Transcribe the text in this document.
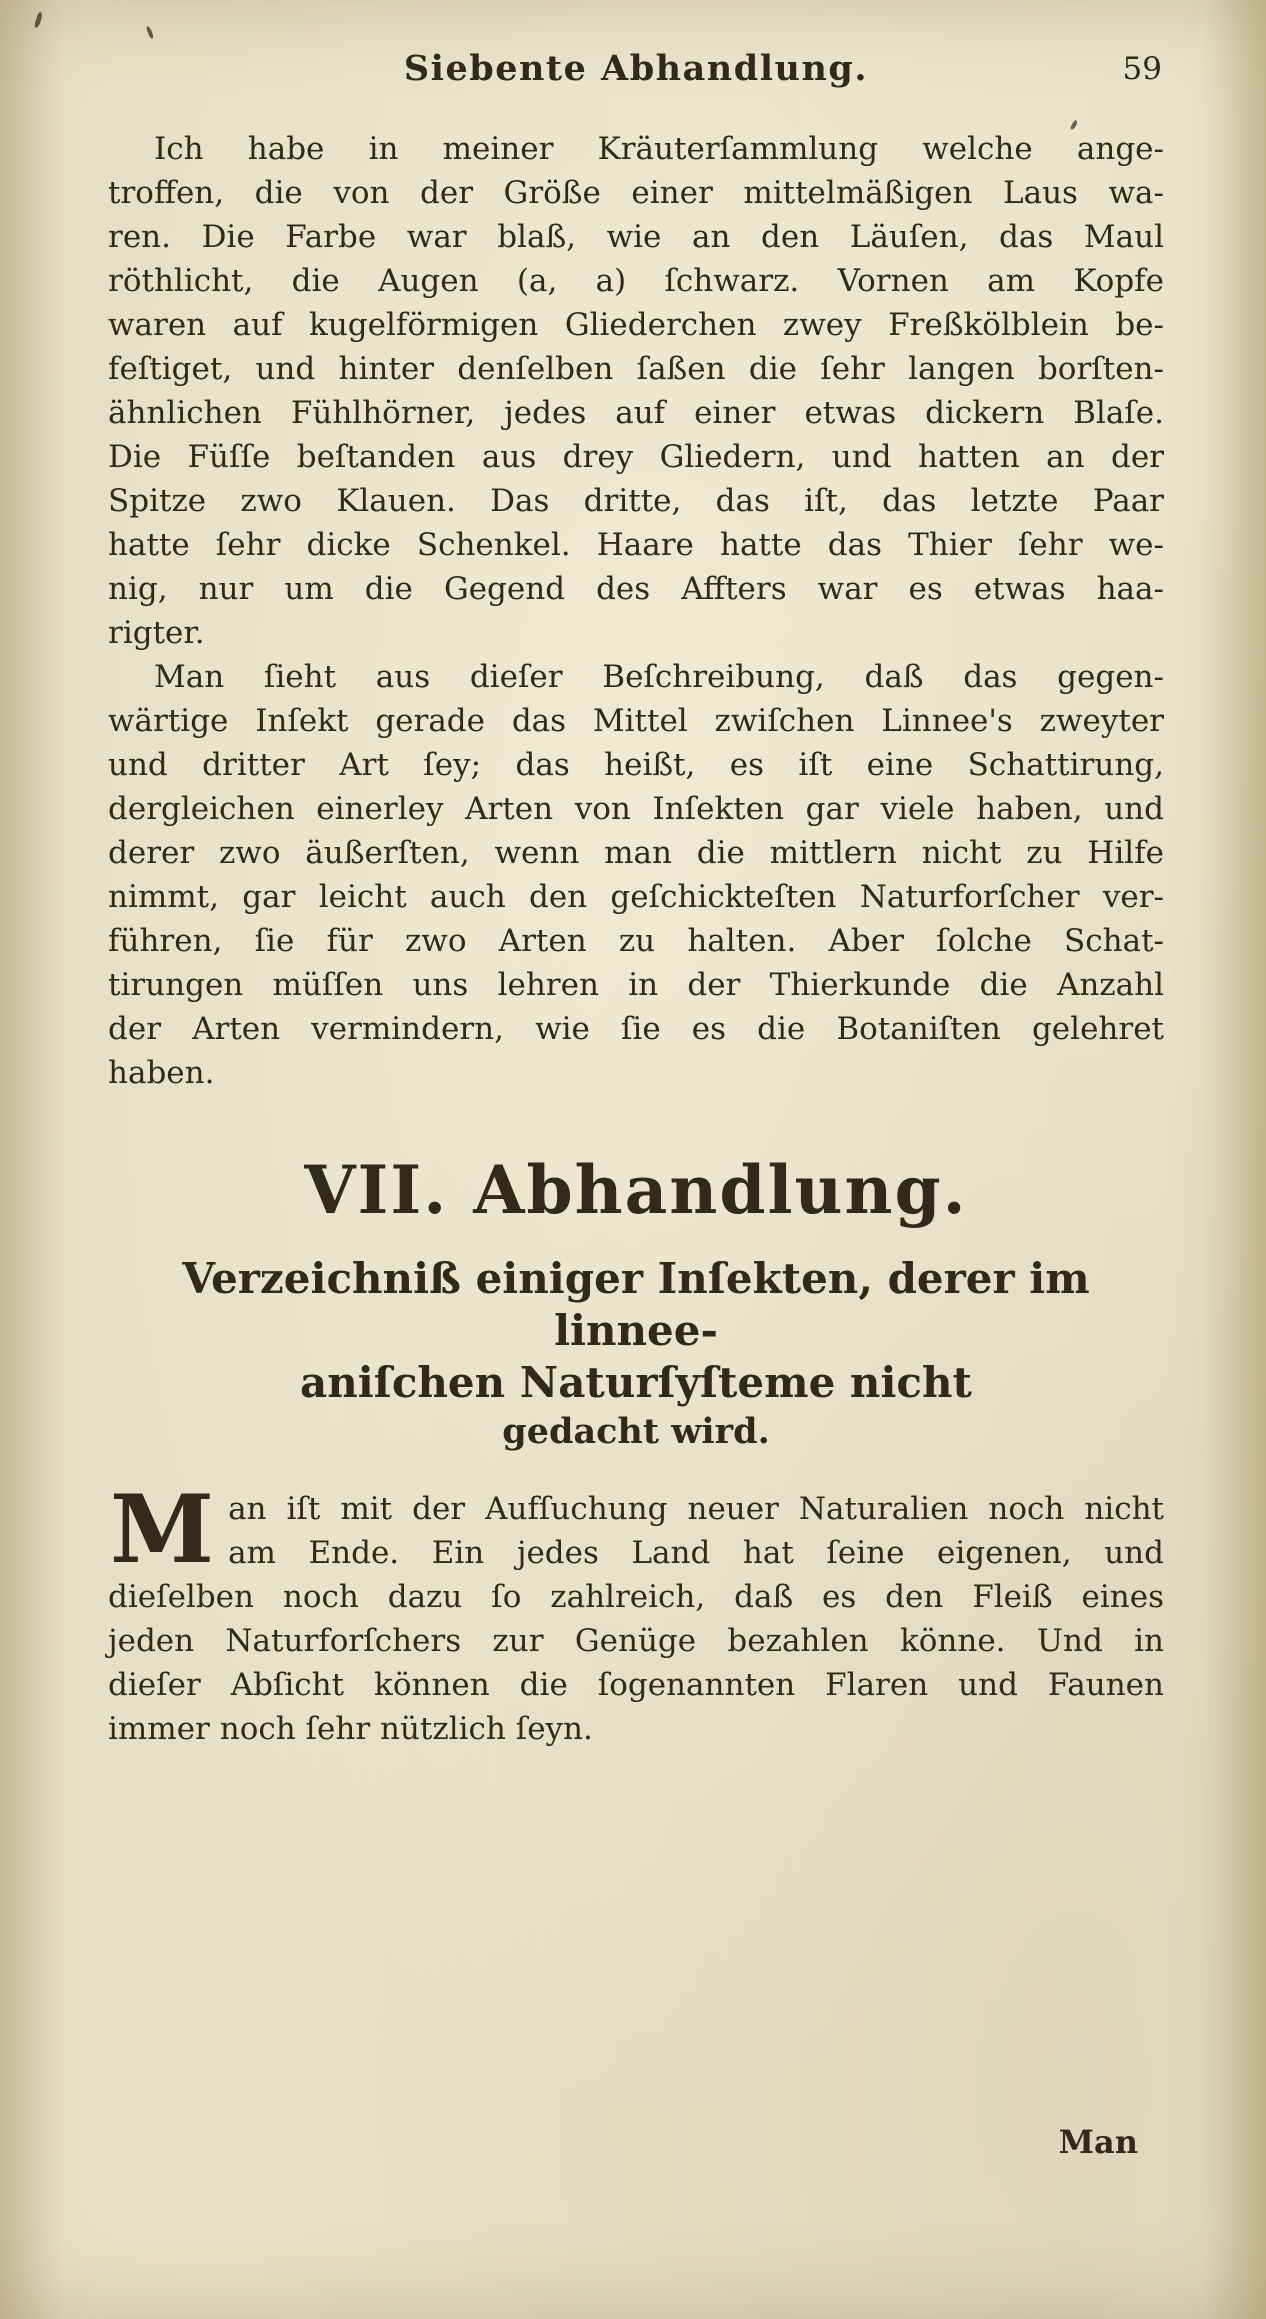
Siebente Abhandlung.	59
Ich habe in meiner Kräuterſammlung welche ange-
troffen, die von der Größe einer mittelmäßigen Laus wa-
ren. Die Farbe war blaß, wie an den Läuſen, das Maul
röthlicht, die Augen (a, a) ſchwarz. Vornen am Kopfe
waren auf kugelförmigen Gliederchen zwey Freßkölblein be-
feſtiget, und hinter denſelben ſaßen die ſehr langen borſten-
ähnlichen Fühlhörner, jedes auf einer etwas dickern Blaſe.
Die Füſſe beſtanden aus drey Gliedern, und hatten an der
Spitze zwo Klauen. Das dritte, das iſt, das letzte Paar
hatte ſehr dicke Schenkel. Haare hatte das Thier ſehr we-
nig, nur um die Gegend des Affters war es etwas haa-
rigter.
Man ſieht aus dieſer Beſchreibung, daß das gegen-
wärtige Inſekt gerade das Mittel zwiſchen Linnee's zweyter
und dritter Art ſey; das heißt, es iſt eine Schattirung,
dergleichen einerley Arten von Inſekten gar viele haben, und
derer zwo äußerſten, wenn man die mittlern nicht zu Hilfe
nimmt, gar leicht auch den geſchickteſten Naturforſcher ver-
führen, ſie für zwo Arten zu halten. Aber ſolche Schat-
tirungen müſſen uns lehren in der Thierkunde die Anzahl
der Arten vermindern, wie ſie es die Botaniſten gelehret
haben.
VII. Abhandlung.
Verzeichniß einiger Inſekten, derer im linnee-
aniſchen Naturſyſteme nicht
gedacht wird.
M an iſt mit der Aufſuchung neuer Naturalien noch nicht
am Ende. Ein jedes Land hat ſeine eigenen, und
dieſelben noch dazu ſo zahlreich, daß es den Fleiß eines
jeden Naturforſchers zur Genüge bezahlen könne. Und in
dieſer Abſicht können die ſogenannten Flaren und Faunen
immer noch ſehr nützlich ſeyn.
Man
